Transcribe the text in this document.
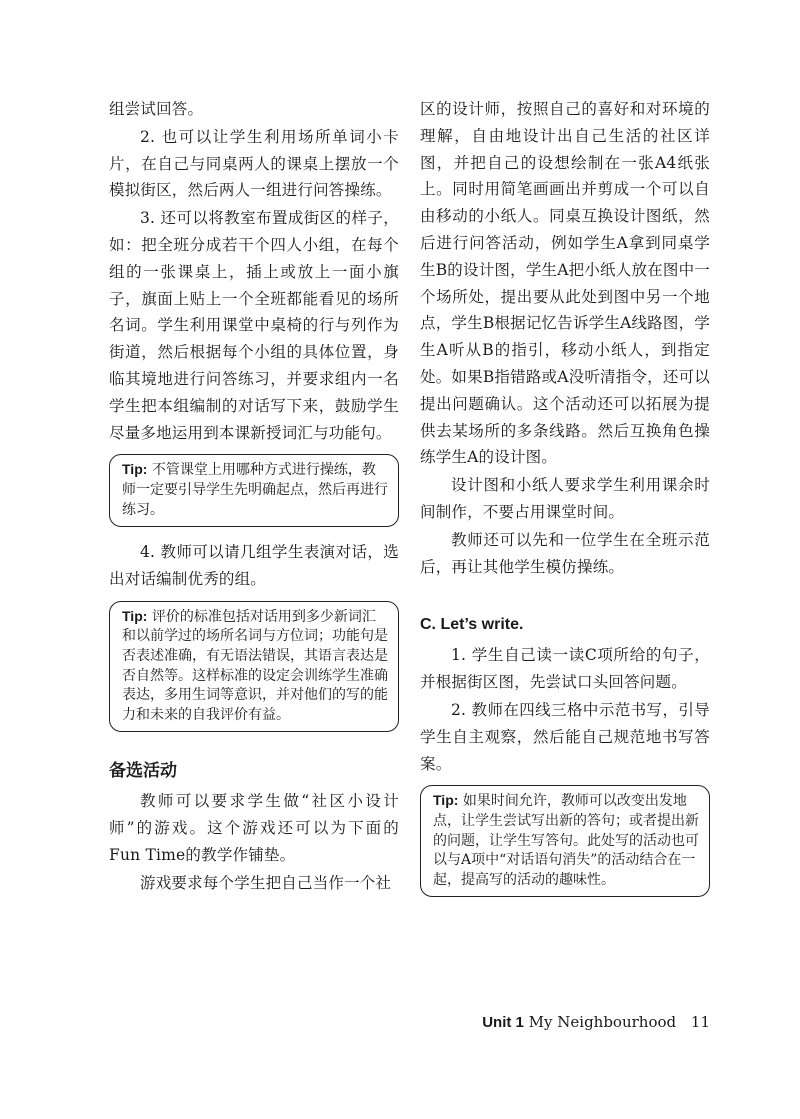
组尝试回答。

2. 也可以让学生利用场所单词小卡片，在自己与同桌两人的课桌上摆放一个模拟街区，然后两人一组进行问答操练。

3. 还可以将教室布置成街区的样子，如：把全班分成若干个四人小组，在每个组的一张课桌上，插上或放上一面小旗子，旗面上贴上一个全班都能看见的场所名词。学生利用课堂中桌椅的行与列作为街道，然后根据每个小组的具体位置，身临其境地进行问答练习，并要求组内一名学生把本组编制的对话写下来，鼓励学生尽量多地运用到本课新授词汇与功能句。

Tip: 不管课堂上用哪种方式进行操练，教师一定要引导学生先明确起点，然后再进行练习。

4. 教师可以请几组学生表演对话，选出对话编制优秀的组。

Tip: 评价的标准包括对话用到多少新词汇和以前学过的场所名词与方位词；功能句是否表述准确，有无语法错误，其语言表达是否自然等。这样标准的设定会训练学生准确表达，多用生词等意识，并对他们的写的能力和未来的自我评价有益。

备选活动

教师可以要求学生做“社区小设计师”的游戏。这个游戏还可以为下面的Fun Time的教学作铺垫。

游戏要求每个学生把自己当作一个社

区的设计师，按照自己的喜好和对环境的理解，自由地设计出自己生活的社区详图，并把自己的设想绘制在一张A4纸张上。同时用简笔画画出并剪成一个可以自由移动的小纸人。同桌互换设计图纸，然后进行问答活动，例如学生A拿到同桌学生B的设计图，学生A把小纸人放在图中一个场所处，提出要从此处到图中另一个地点，学生B根据记忆告诉学生A线路图，学生A听从B的指引，移动小纸人，到指定处。如果B指错路或A没听清指令，还可以提出问题确认。这个活动还可以拓展为提供去某场所的多条线路。然后互换角色操练学生A的设计图。

设计图和小纸人要求学生利用课余时间制作，不要占用课堂时间。

教师还可以先和一位学生在全班示范后，再让其他学生模仿操练。

C. Let’s write.

1. 学生自己读一读C项所给的句子，并根据街区图，先尝试口头回答问题。

2. 教师在四线三格中示范书写，引导学生自主观察，然后能自己规范地书写答案。

Tip: 如果时间允许，教师可以改变出发地点，让学生尝试写出新的答句；或者提出新的问题，让学生写答句。此处写的活动也可以与A项中“对话语句消失”的活动结合在一起，提高写的活动的趣味性。

Unit 1 My Neighbourhood 11
